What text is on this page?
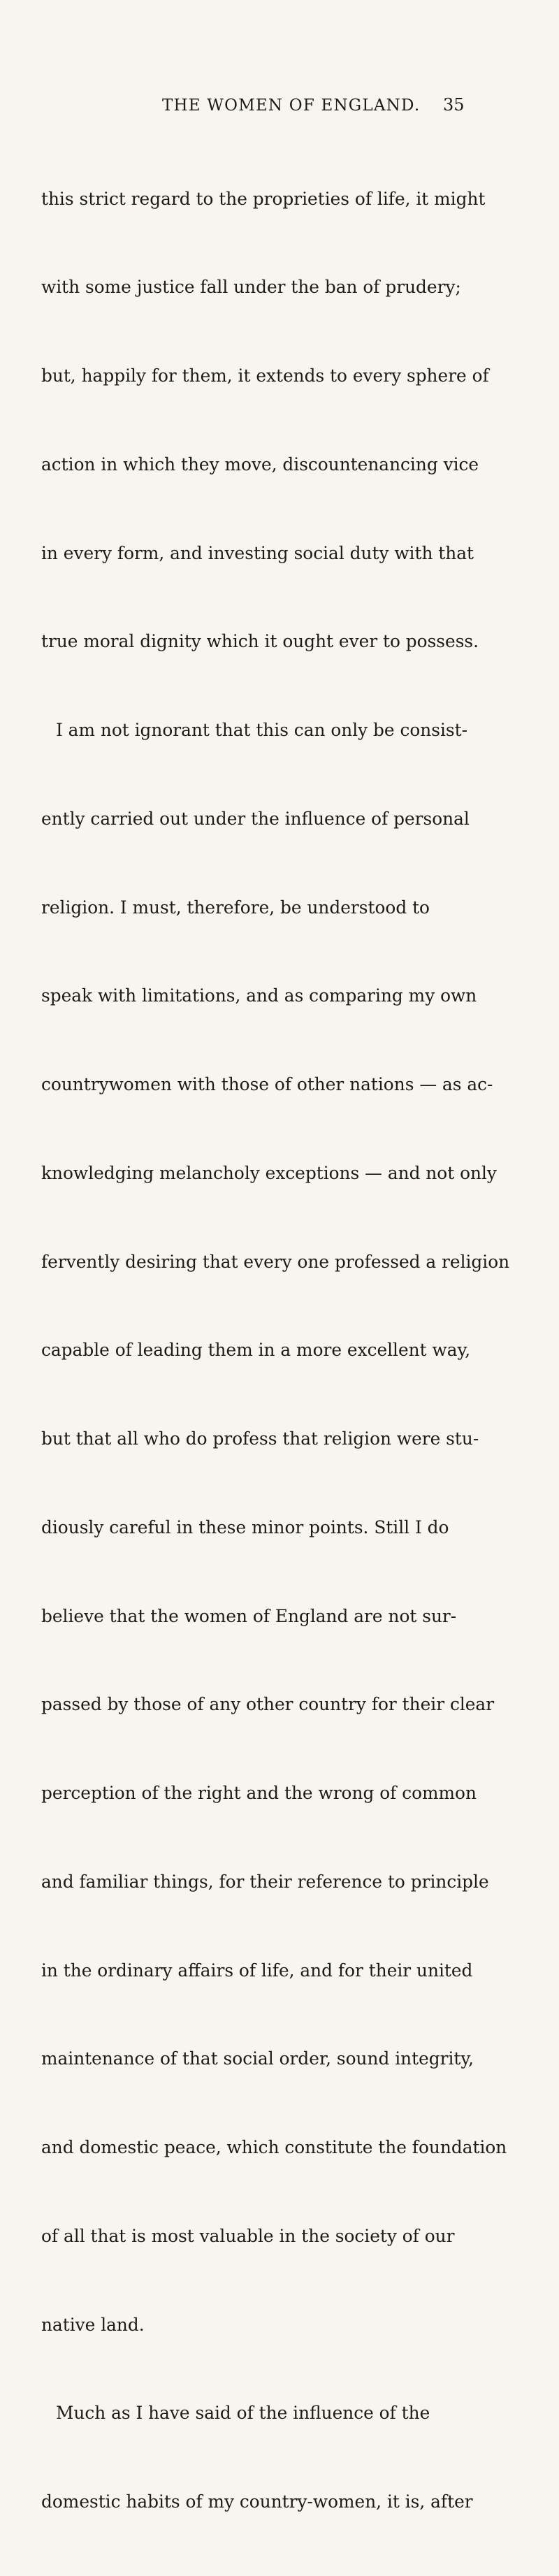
THE WOMEN OF ENGLAND. 35

this strict regard to the proprieties of life, it might

with some justice fall under the ban of prudery;

but, happily for them, it extends to every sphere of

action in which they move, discountenancing vice

in every form, and investing social duty with that

true moral dignity which it ought ever to possess.

I am not ignorant that this can only be consist-

ently carried out under the influence of personal

religion. I must, therefore, be understood to

speak with limitations, and as comparing my own

countrywomen with those of other nations — as ac-

knowledging melancholy exceptions — and not only

fervently desiring that every one professed a religion

capable of leading them in a more excellent way,

but that all who do profess that religion were stu-

diously careful in these minor points. Still I do

believe that the women of England are not sur-

passed by those of any other country for their clear

perception of the right and the wrong of common

and familiar things, for their reference to principle

in the ordinary affairs of life, and for their united

maintenance of that social order, sound integrity,

and domestic peace, which constitute the foundation

of all that is most valuable in the society of our

native land.

Much as I have said of the influence of the

domestic habits of my country-women, it is, after
